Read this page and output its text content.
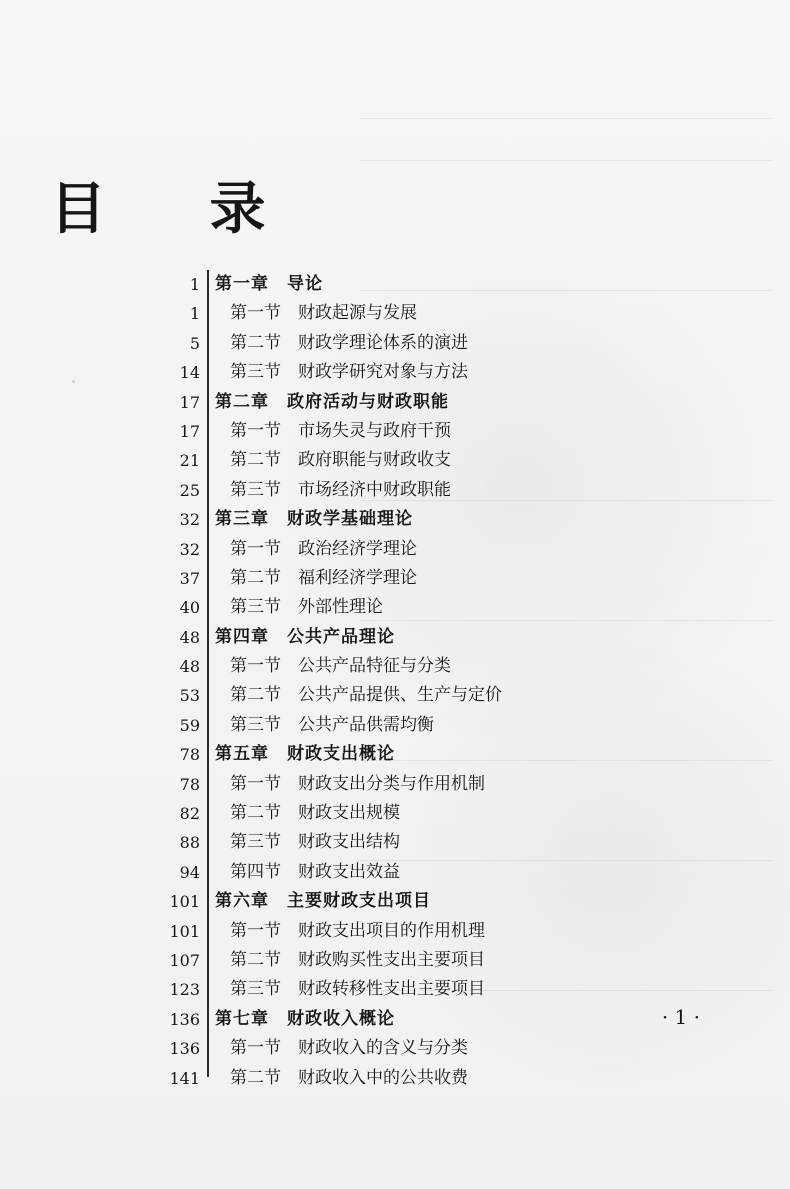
目 录
1 第一章　导论
1 第一节　财政起源与发展
5 第二节　财政学理论体系的演进
14 第三节　财政学研究对象与方法
17 第二章　政府活动与财政职能
17 第一节　市场失灵与政府干预
21 第二节　政府职能与财政收支
25 第三节　市场经济中财政职能
32 第三章　财政学基础理论
32 第一节　政治经济学理论
37 第二节　福利经济学理论
40 第三节　外部性理论
48 第四章　公共产品理论
48 第一节　公共产品特征与分类
53 第二节　公共产品提供、生产与定价
59 第三节　公共产品供需均衡
78 第五章　财政支出概论
78 第一节　财政支出分类与作用机制
82 第二节　财政支出规模
88 第三节　财政支出结构
94 第四节　财政支出效益
101 第六章　主要财政支出项目
101 第一节　财政支出项目的作用机理
107 第二节　财政购买性支出主要项目
123 第三节　财政转移性支出主要项目
136 第七章　财政收入概论
136 第一节　财政收入的含义与分类
141 第二节　财政收入中的公共收费
· 1 ·
